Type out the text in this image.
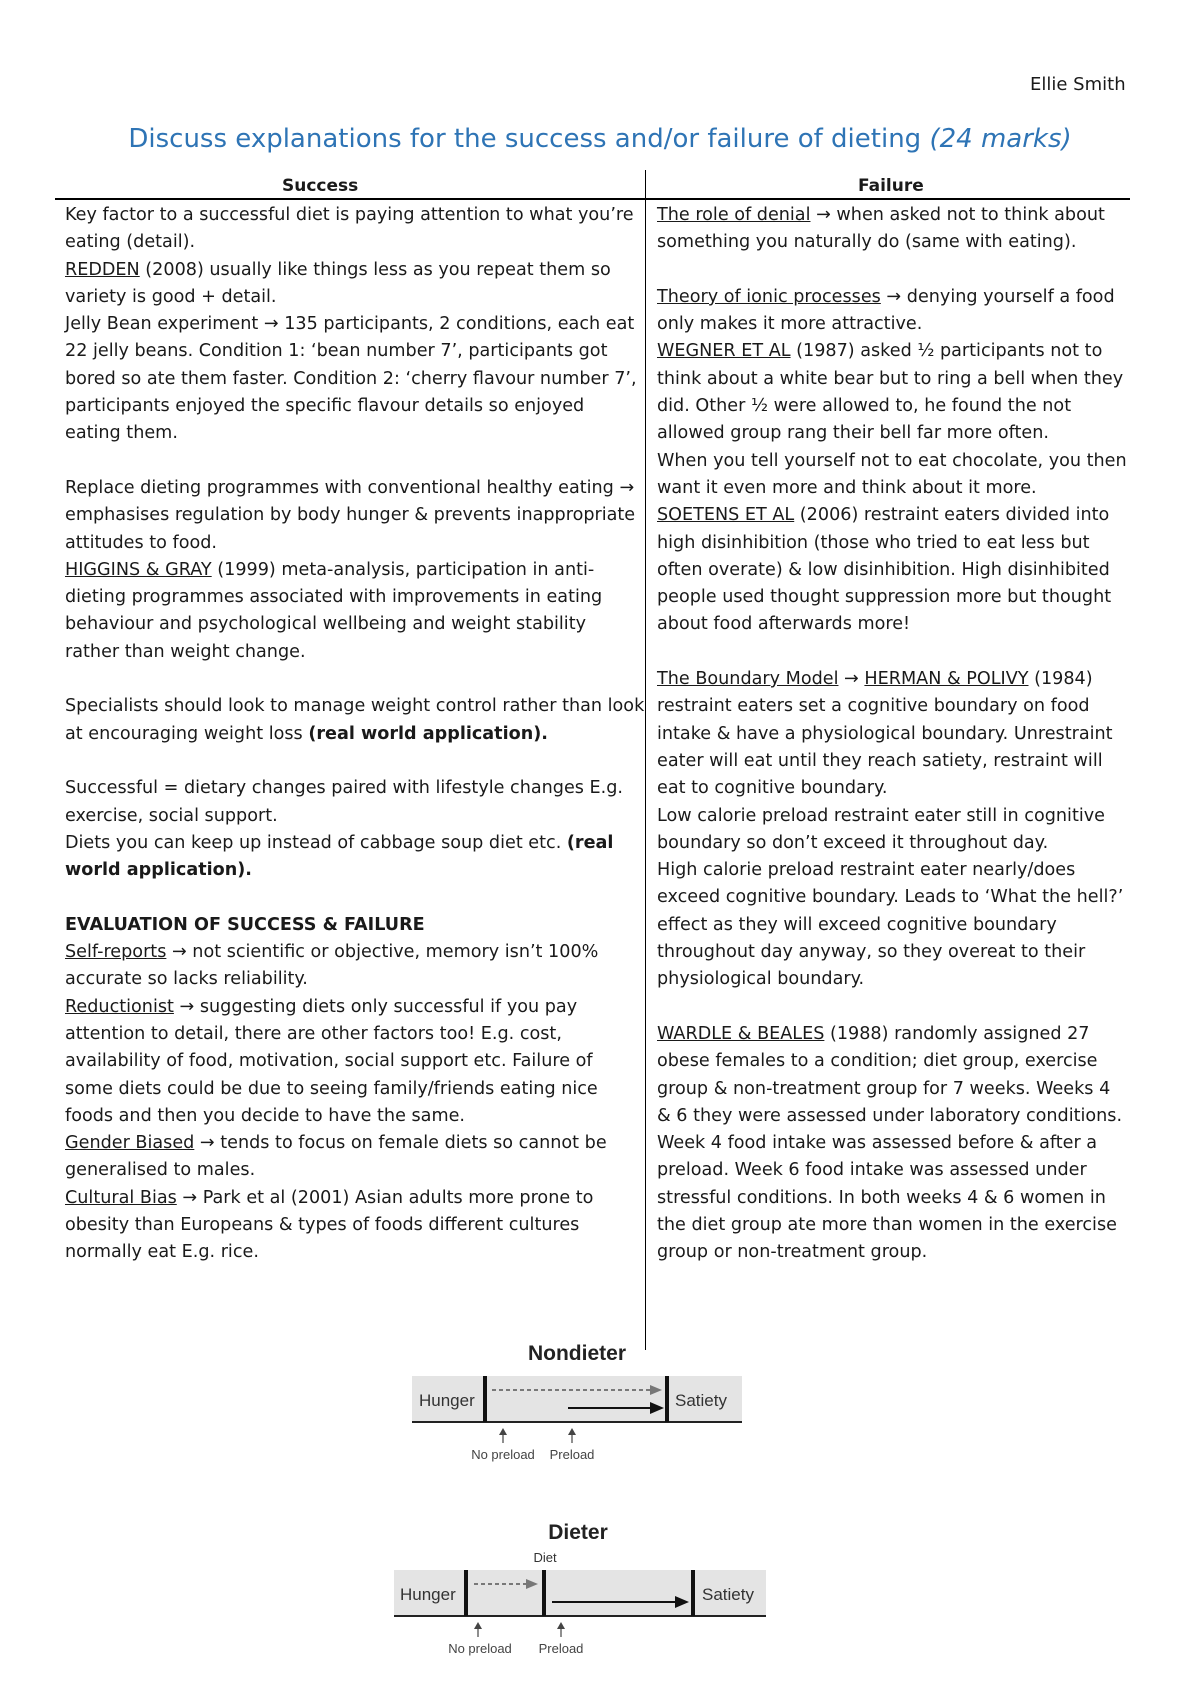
Ellie Smith
Discuss explanations for the success and/or failure of dieting (24 marks)
Success	Failure

Key factor to a successful diet is paying attention to what you’re eating (detail).

REDDEN (2008) usually like things less as you repeat them so variety is good + detail.

Jelly Bean experiment → 135 participants, 2 conditions, each eat 22 jelly beans. Condition 1: ‘bean number 7’, participants got bored so ate them faster. Condition 2: ‘cherry flavour number 7’, participants enjoyed the specific flavour details so enjoyed eating them.

Replace dieting programmes with conventional healthy eating → emphasises regulation by body hunger & prevents inappropriate attitudes to food.

HIGGINS & GRAY (1999) meta-analysis, participation in anti-dieting programmes associated with improvements in eating behaviour and psychological wellbeing and weight stability rather than weight change.

Specialists should look to manage weight control rather than look at encouraging weight loss (real world application).

Successful = dietary changes paired with lifestyle changes E.g. exercise, social support.

Diets you can keep up instead of cabbage soup diet etc. (real world application).

EVALUATION OF SUCCESS & FAILURE

Self-reports → not scientific or objective, memory isn’t 100% accurate so lacks reliability.

Reductionist → suggesting diets only successful if you pay attention to detail, there are other factors too! E.g. cost, availability of food, motivation, social support etc. Failure of some diets could be due to seeing family/friends eating nice foods and then you decide to have the same.

Gender Biased → tends to focus on female diets so cannot be generalised to males.

Cultural Bias → Park et al (2001) Asian adults more prone to obesity than Europeans & types of foods different cultures normally eat E.g. rice.

The role of denial → when asked not to think about something you naturally do (same with eating).

Theory of ionic processes → denying yourself a food only makes it more attractive.

WEGNER ET AL (1987) asked ½ participants not to think about a white bear but to ring a bell when they did. Other ½ were allowed to, he found the not allowed group rang their bell far more often.

When you tell yourself not to eat chocolate, you then want it even more and think about it more.

SOETENS ET AL (2006) restraint eaters divided into high disinhibition (those who tried to eat less but often overate) & low disinhibition. High disinhibited people used thought suppression more but thought about food afterwards more!

The Boundary Model → HERMAN & POLIVY (1984) restraint eaters set a cognitive boundary on food intake & have a physiological boundary. Unrestraint eater will eat until they reach satiety, restraint will eat to cognitive boundary.

Low calorie preload restraint eater still in cognitive boundary so don’t exceed it throughout day.

High calorie preload restraint eater nearly/does exceed cognitive boundary. Leads to ‘What the hell?’ effect as they will exceed cognitive boundary throughout day anyway, so they overeat to their physiological boundary.

WARDLE & BEALES (1988) randomly assigned 27 obese females to a condition; diet group, exercise group & non-treatment group for 7 weeks. Weeks 4 & 6 they were assessed under laboratory conditions. Week 4 food intake was assessed before & after a preload. Week 6 food intake was assessed under stressful conditions. In both weeks 4 & 6 women in the diet group ate more than women in the exercise group or non-treatment group.

Nondieter
Hunger	Satiety
No preload Preload
Dieter
Hunger	Satiety
Diet
No preload Preload
